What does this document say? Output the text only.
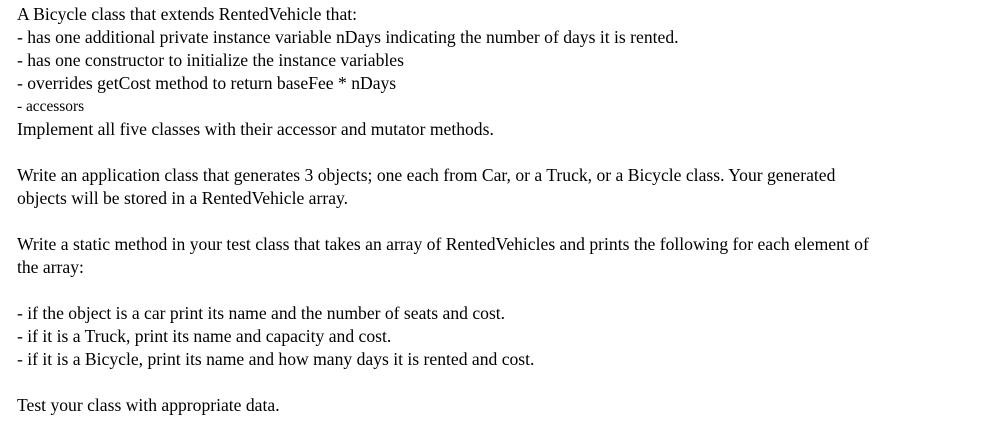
A Bicycle class that extends RentedVehicle that:

- has one additional private instance variable nDays indicating the number of days it is rented.

- has one constructor to initialize the instance variables

- overrides getCost method to return baseFee * nDays

- accessors

Implement all five classes with their accessor and mutator methods.

Write an application class that generates 3 objects; one each from Car, or a Truck, or a Bicycle class. Your generated

objects will be stored in a RentedVehicle array.

Write a static method in your test class that takes an array of RentedVehicles and prints the following for each element of

the array:

- if the object is a car print its name and the number of seats and cost.

- if it is a Truck, print its name and capacity and cost.

- if it is a Bicycle, print its name and how many days it is rented and cost.

Test your class with appropriate data.
